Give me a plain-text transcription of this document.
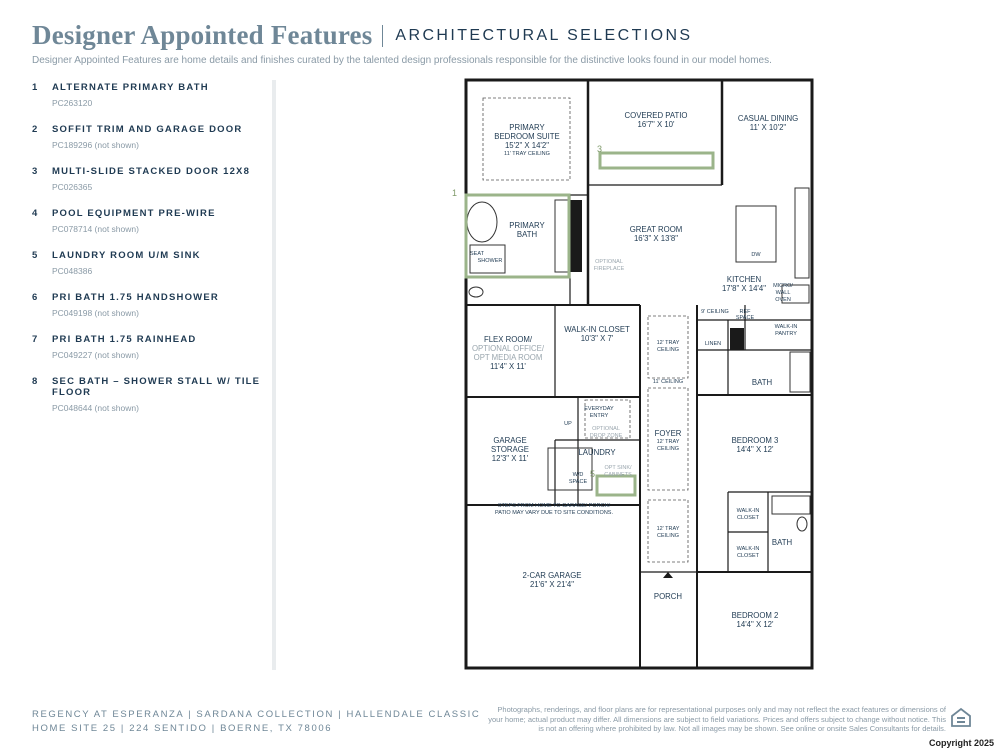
Designer Appointed Features ARCHITECTURAL SELECTIONS
Designer Appointed Features are home details and finishes curated by the talented design professionals responsible for the distinctive looks found in our model homes.
1 ALTERNATE PRIMARY BATH
PC263120
2 SOFFIT TRIM AND GARAGE DOOR
PC189296 (not shown)
3 MULTI-SLIDE STACKED DOOR 12X8
PC026365
4 POOL EQUIPMENT PRE-WIRE
PC078714 (not shown)
5 LAUNDRY ROOM U/M SINK
PC048386
6 PRI BATH 1.75 HANDSHOWER
PC049198 (not shown)
7 PRI BATH 1.75 RAINHEAD
PC049227 (not shown)
8 SEC BATH – SHOWER STALL W/ TILE FLOOR
PC048644 (not shown)
1
3
5
PRIMARY
BEDROOM SUITE
15'2" X 14'2"
11' TRAY CEILING
COVERED PATIO
16'7" X 10'
CASUAL DINING
11' X 10'2"
PRIMARY
BATH
SEAT
SHOWER
GREAT ROOM
16'3" X 13'8"
OPTIONAL
FIREPLACE
DW
KITCHEN
17'8" X 14'4" MICRO/
WALL
OVEN
9' CEILING REF
SPACE
WALK-IN
PANTRY
FLEX ROOM/
OPTIONAL OFFICE/
OPT MEDIA ROOM
11'4" X 11'
WALK-IN CLOSET
10'3" X 7'	12' TRAY
CEILING
11' CEILING
LINEN
BATH
EVERYDAY
ENTRY
UP
OPTIONAL
DROP ZONE
GARAGE
STORAGE
12'3" X 11'
FOYER
12' TRAY
CEILING
BEDROOM 3
14'4" X 12'
LAUNDRY
W/D
SPACE
OPT SINK/
CABINETS
STEPS FROM HOME TO GARAGE/ PORCH/
PATIO MAY VARY DUE TO SITE CONDITIONS.	WALK-IN
CLOSET
12' TRAY
CEILING
BATH
WALK-IN
CLOSET
2-CAR GARAGE
21'6" X 21'4"
PORCH
BEDROOM 2
14'4" X 12'
REGENCY AT ESPERANZA | SARDANA COLLECTION | HALLENDALE CLASSIC
HOME SITE 25 | 224 SENTIDO | BOERNE, TX 78006
Photographs, renderings, and floor plans are for representational purposes only and may not reflect the exact features or dimensions of your home; actual product may differ. All dimensions are subject to field variations. Prices and offers subject to change without notice. This is not an offering where prohibited by law. Not all images may be shown. See online or onsite Sales Consultants for details.
Copyright 2025
